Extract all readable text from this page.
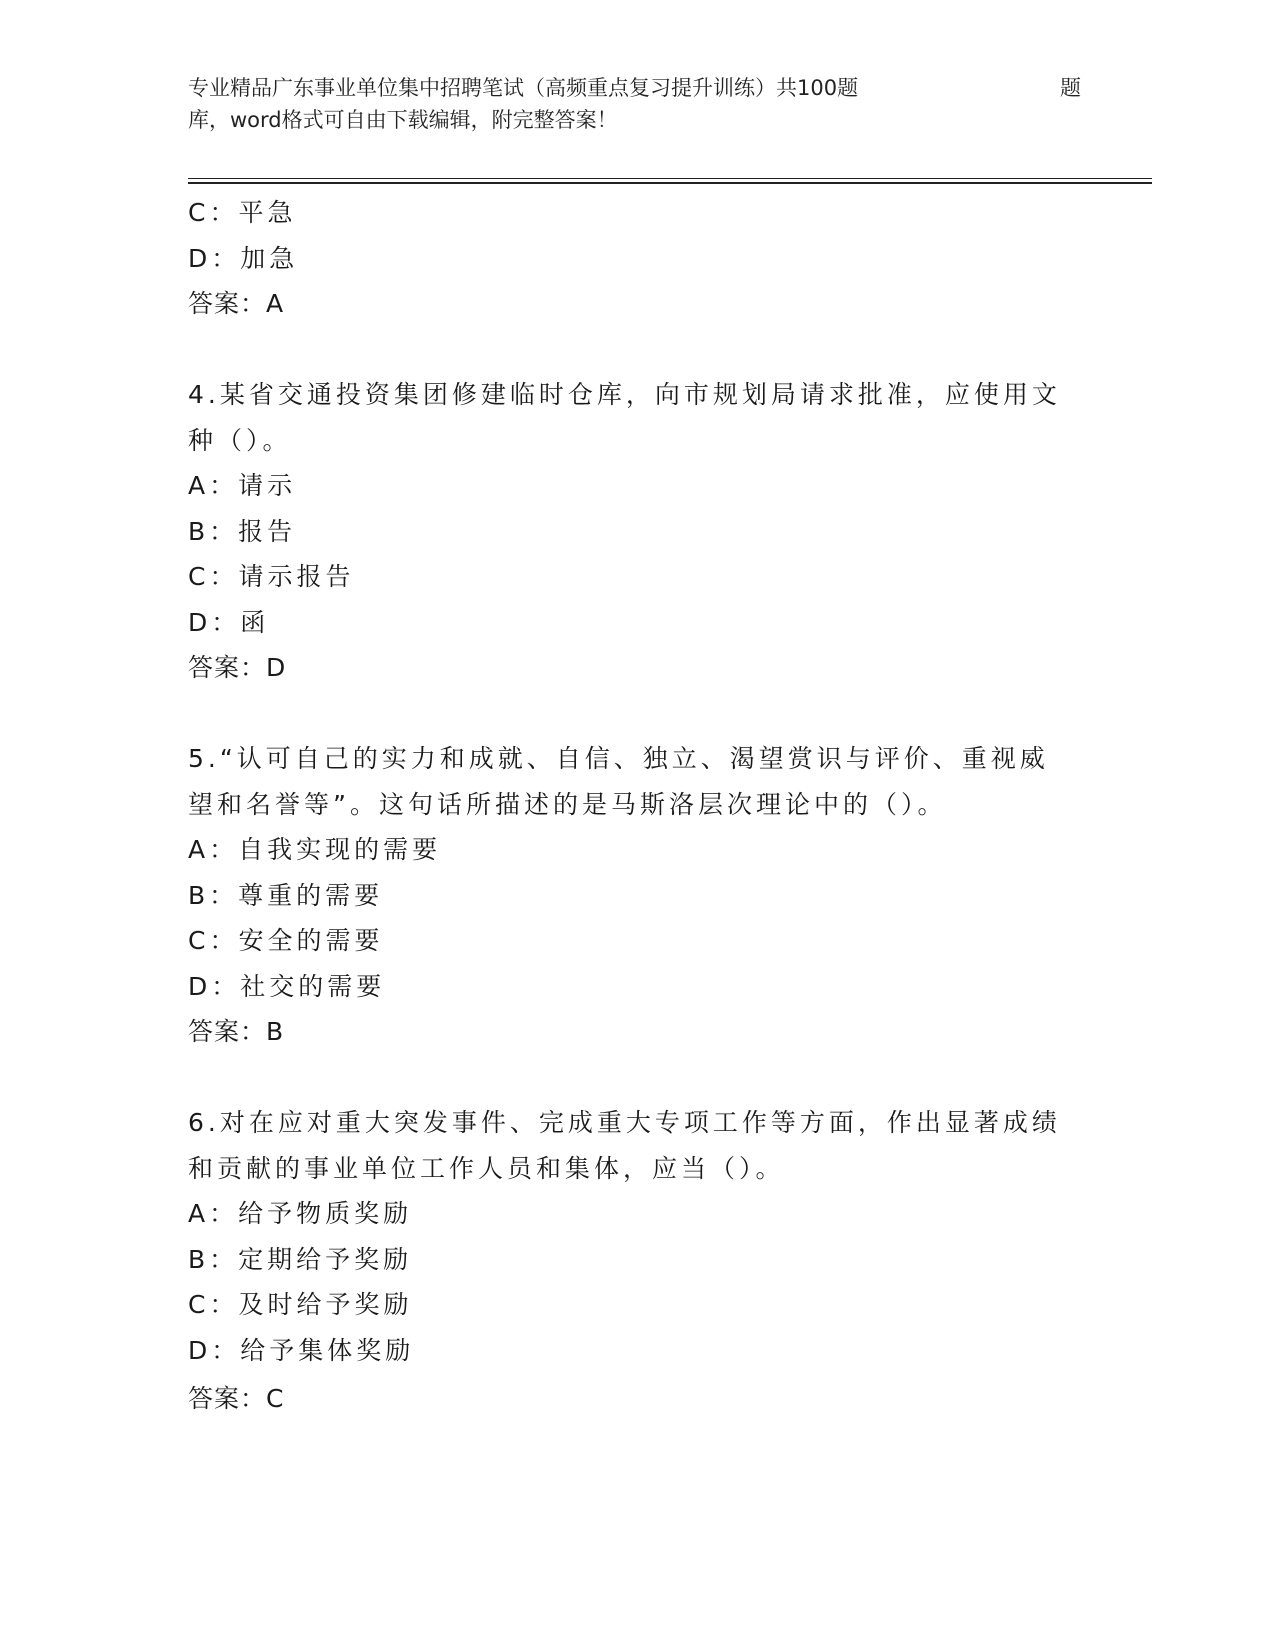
专业精品广东事业单位集中招聘笔试（高频重点复习提升训练）共100题	题
库，word格式可自由下载编辑，附完整答案！
C：平急
D：加急
答案：A
4.某省交通投资集团修建临时仓库，向市规划局请求批准，应使用文
种（）。
A：请示
B：报告
C：请示报告
D：函
答案：D
5.“认可自己的实力和成就、自信、独立、渴望赏识与评价、重视威
望和名誉等”。这句话所描述的是马斯洛层次理论中的（）。
A：自我实现的需要
B：尊重的需要
C：安全的需要
D：社交的需要
答案：B
6.对在应对重大突发事件、完成重大专项工作等方面，作出显著成绩
和贡献的事业单位工作人员和集体，应当（）。
A：给予物质奖励
B：定期给予奖励
C：及时给予奖励
D：给予集体奖励
答案：C
